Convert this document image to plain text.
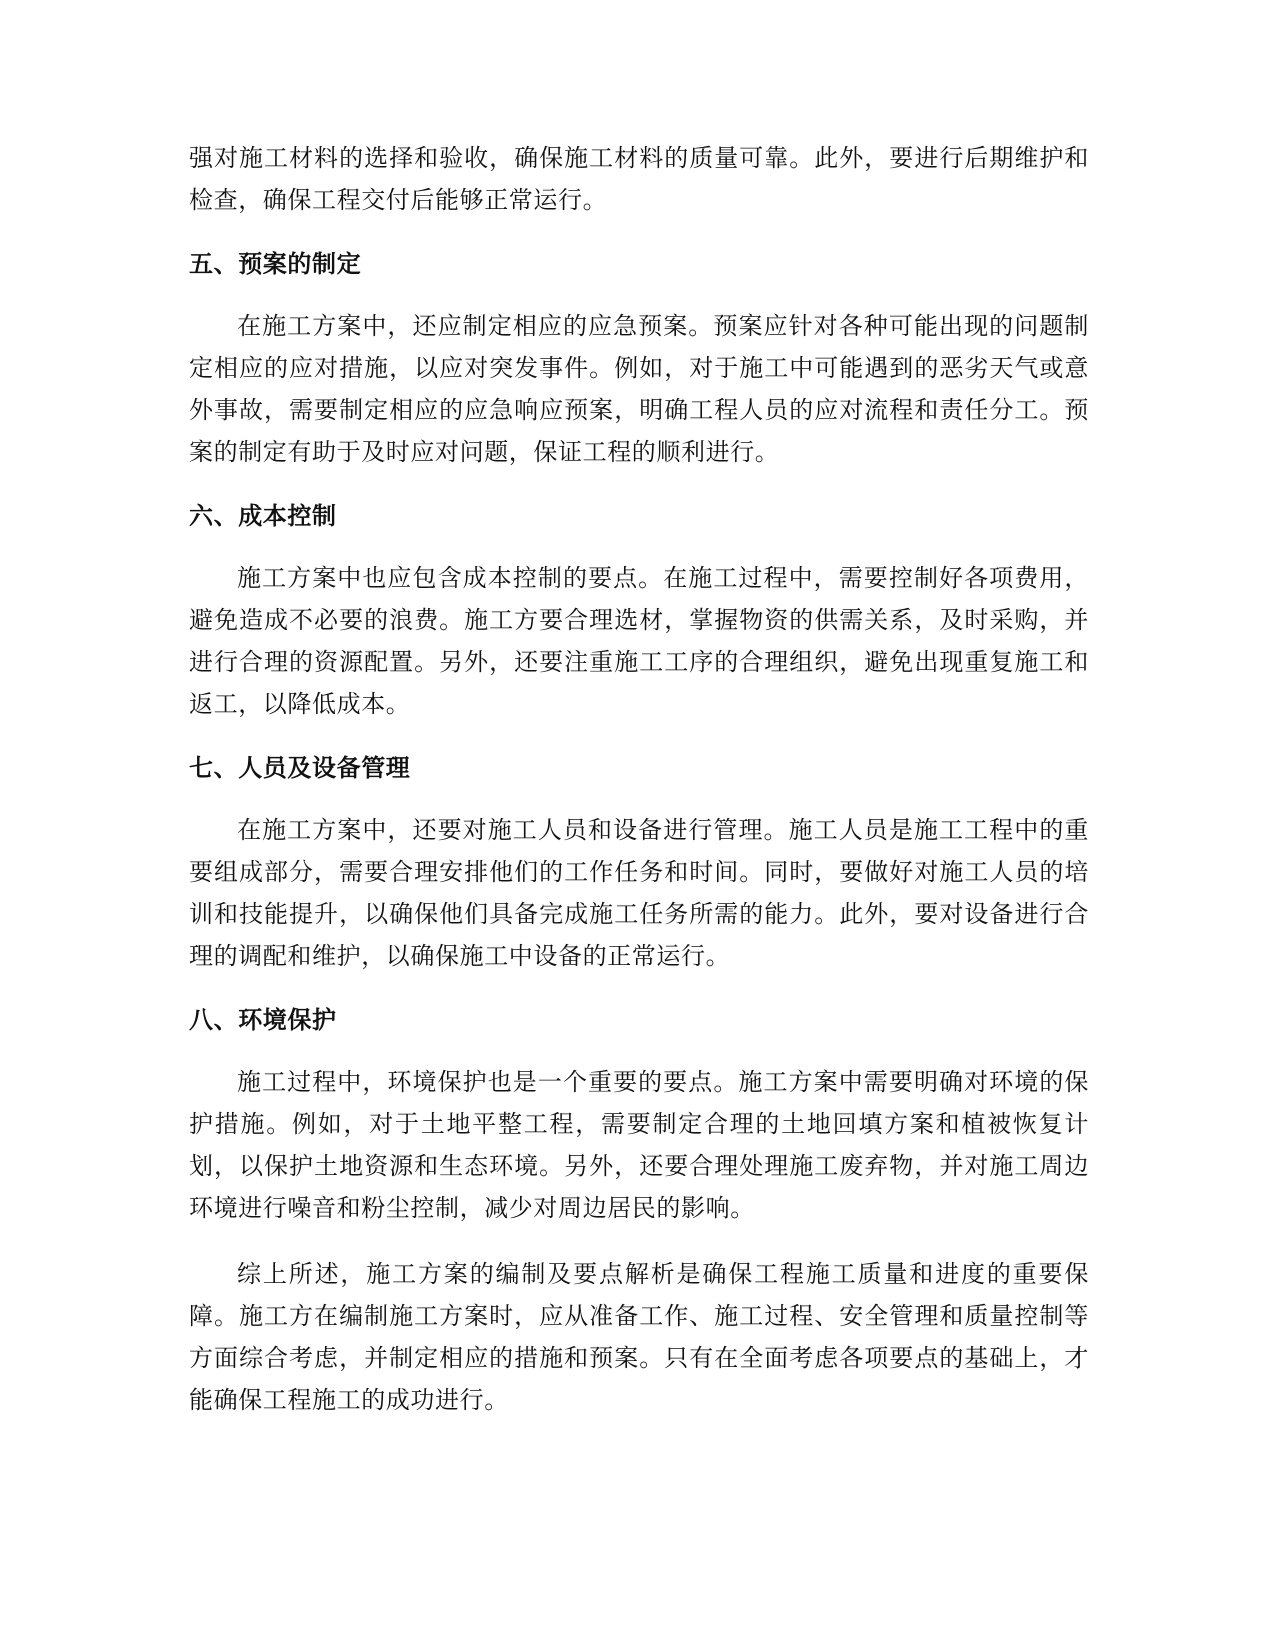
强对施工材料的选择和验收，确保施工材料的质量可靠。此外，要进行后期维护和检查，确保工程交付后能够正常运行。

五、预案的制定

在施工方案中，还应制定相应的应急预案。预案应针对各种可能出现的问题制定相应的应对措施，以应对突发事件。例如，对于施工中可能遇到的恶劣天气或意外事故，需要制定相应的应急响应预案，明确工程人员的应对流程和责任分工。预案的制定有助于及时应对问题，保证工程的顺利进行。

六、成本控制

施工方案中也应包含成本控制的要点。在施工过程中，需要控制好各项费用，避免造成不必要的浪费。施工方要合理选材，掌握物资的供需关系，及时采购，并进行合理的资源配置。另外，还要注重施工工序的合理组织，避免出现重复施工和返工，以降低成本。

七、人员及设备管理

在施工方案中，还要对施工人员和设备进行管理。施工人员是施工工程中的重要组成部分，需要合理安排他们的工作任务和时间。同时，要做好对施工人员的培训和技能提升，以确保他们具备完成施工任务所需的能力。此外，要对设备进行合理的调配和维护，以确保施工中设备的正常运行。

八、环境保护

施工过程中，环境保护也是一个重要的要点。施工方案中需要明确对环境的保护措施。例如，对于土地平整工程，需要制定合理的土地回填方案和植被恢复计划，以保护土地资源和生态环境。另外，还要合理处理施工废弃物，并对施工周边环境进行噪音和粉尘控制，减少对周边居民的影响。

综上所述，施工方案的编制及要点解析是确保工程施工质量和进度的重要保障。施工方在编制施工方案时，应从准备工作、施工过程、安全管理和质量控制等方面综合考虑，并制定相应的措施和预案。只有在全面考虑各项要点的基础上，才能确保工程施工的成功进行。
